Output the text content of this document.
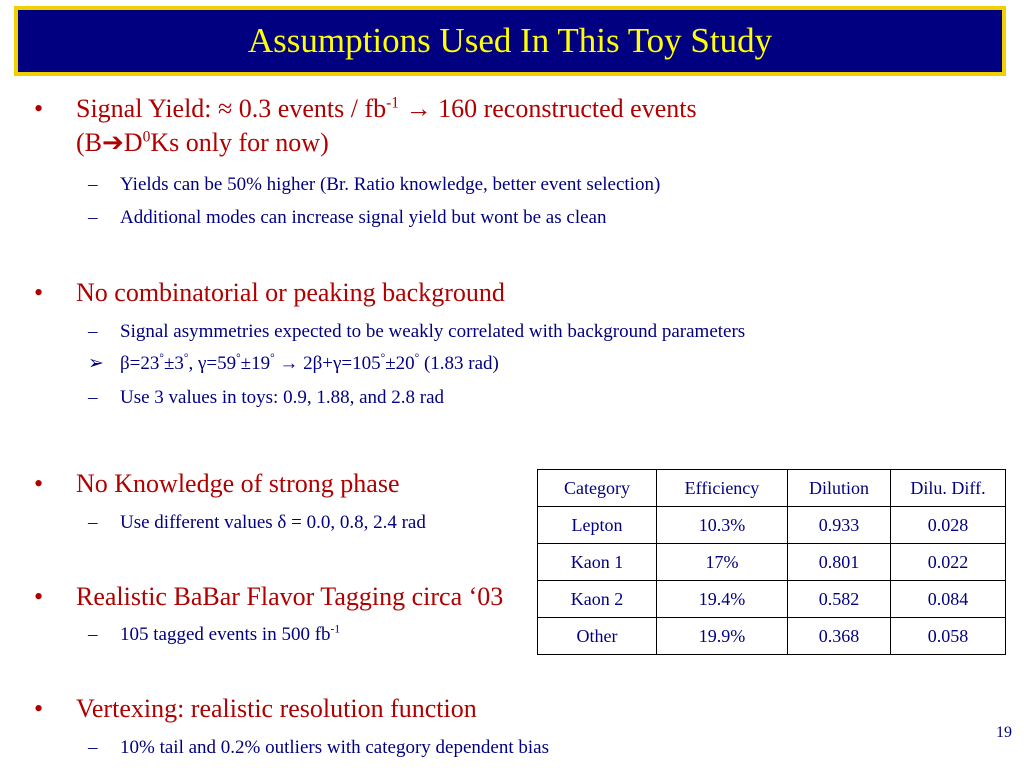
Assumptions Used In This Toy Study
• Signal Yield: ≈ 0.3 events / $fb^{-1} \to 160$ reconstructed events
($B➔D^0Ks$ only for now)
– Yields can be 50% higher (Br. Ratio knowledge, better event selection)
– Additional modes can increase signal yield but wont be as clean
• No combinatorial or peaking background
– Signal asymmetries expected to be weakly correlated with background parameters
➢ β=23°±3°, γ=59°±19° → 2β+γ=105°±20° (1.83 rad)
– Use 3 values in toys: 0.9, 1.88, and 2.8 rad
• No Knowledge of strong phase
– Use different values δ = 0.0, 0.8, 2.4 rad
• Realistic BaBar Flavor Tagging circa ‘03
– 105 tagged events in 500 $fb^{-1}$
• Vertexing: realistic resolution function
– 10% tail and 0.2% outliers with category dependent bias
Category	Efficiency	Dilution	Dilu. Diff.
Lepton	10.3%	0.933	0.028
Kaon 1	17%	0.801	0.022
Kaon 2	19.4%	0.582	0.084
Other	19.9%	0.368	0.058
19
